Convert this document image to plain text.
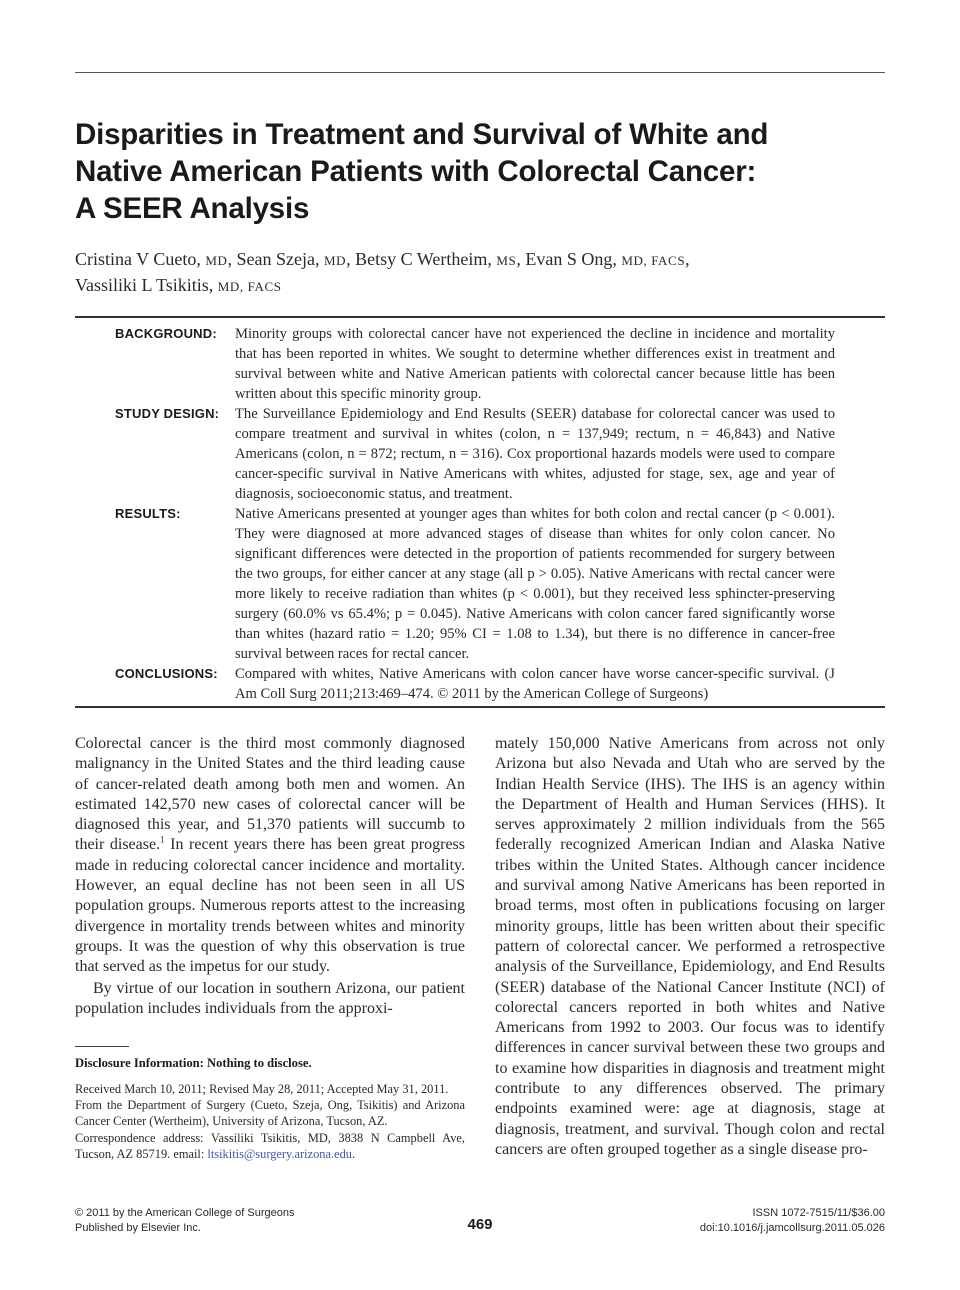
Disparities in Treatment and Survival of White and
Native American Patients with Colorectal Cancer:
A SEER Analysis
Cristina V Cueto, MD, Sean Szeja, MD, Betsy C Wertheim, MS, Evan S Ong, MD, FACS,
Vassiliki L Tsikitis, MD, FACS
BACKGROUND:	Minority groups with colorectal cancer have not experienced the decline in incidence and mortality that has been reported in whites. We sought to determine whether differences exist in treatment and survival between white and Native American patients with colorectal cancer because little has been written about this specific minority group.
STUDY DESIGN:	The Surveillance Epidemiology and End Results (SEER) database for colorectal cancer was used to compare treatment and survival in whites (colon, n = 137,949; rectum, n = 46,843) and Native Americans (colon, n = 872; rectum, n = 316). Cox proportional hazards models were used to compare cancer-specific survival in Native Americans with whites, adjusted for stage, sex, age and year of diagnosis, socioeconomic status, and treatment.
RESULTS:	Native Americans presented at younger ages than whites for both colon and rectal cancer (p < 0.001). They were diagnosed at more advanced stages of disease than whites for only colon cancer. No significant differences were detected in the proportion of patients recommended for surgery between the two groups, for either cancer at any stage (all p > 0.05). Native Americans with rectal cancer were more likely to receive radiation than whites (p < 0.001), but they received less sphincter-preserving surgery (60.0% vs 65.4%; p = 0.045). Native Americans with colon cancer fared significantly worse than whites (hazard ratio = 1.20; 95% CI = 1.08 to 1.34), but there is no difference in cancer-free survival between races for rectal cancer.
CONCLUSIONS:	Compared with whites, Native Americans with colon cancer have worse cancer-specific survival. (J Am Coll Surg 2011;213:469–474. © 2011 by the American College of Surgeons)

Colorectal cancer is the third most commonly diagnosed malignancy in the United States and the third leading cause of cancer-related death among both men and women. An estimated 142,570 new cases of colorectal cancer will be diagnosed this year, and 51,370 patients will succumb to their disease.$^1$ In recent years there has been great progress made in reducing colorectal cancer incidence and mortality. However, an equal decline has not been seen in all US population groups. Numerous reports attest to the increasing divergence in mortality trends between whites and minority groups. It was the question of why this observation is true that served as the impetus for our study.

By virtue of our location in southern Arizona, our patient population includes individuals from the approxi-

Disclosure Information: Nothing to disclose.
Received March 10, 2011; Revised May 28, 2011; Accepted May 31, 2011.
From the Department of Surgery (Cueto, Szeja, Ong, Tsikitis) and Arizona Cancer Center (Wertheim), University of Arizona, Tucson, AZ.
Correspondence address: Vassiliki Tsikitis, MD, 3838 N Campbell Ave, Tucson, AZ 85719. email: ltsikitis@surgery.arizona.edu.

mately 150,000 Native Americans from across not only Arizona but also Nevada and Utah who are served by the Indian Health Service (IHS). The IHS is an agency within the Department of Health and Human Services (HHS). It serves approximately 2 million individuals from the 565 federally recognized American Indian and Alaska Native tribes within the United States. Although cancer incidence and survival among Native Americans has been reported in broad terms, most often in publications focusing on larger minority groups, little has been written about their specific pattern of colorectal cancer. We performed a retrospective analysis of the Surveillance, Epidemiology, and End Results (SEER) database of the National Cancer Institute (NCI) of colorectal cancers reported in both whites and Native Americans from 1992 to 2003. Our focus was to identify differences in cancer survival between these two groups and to examine how disparities in diagnosis and treatment might contribute to any differences observed. The primary endpoints examined were: age at diagnosis, stage at diagnosis, treatment, and survival. Though colon and rectal cancers are often grouped together as a single disease pro-

© 2011 by the American College of Surgeons
Published by Elsevier Inc.	469
ISSN 1072-7515/11/$36.00
doi:10.1016/j.jamcollsurg.2011.05.026
